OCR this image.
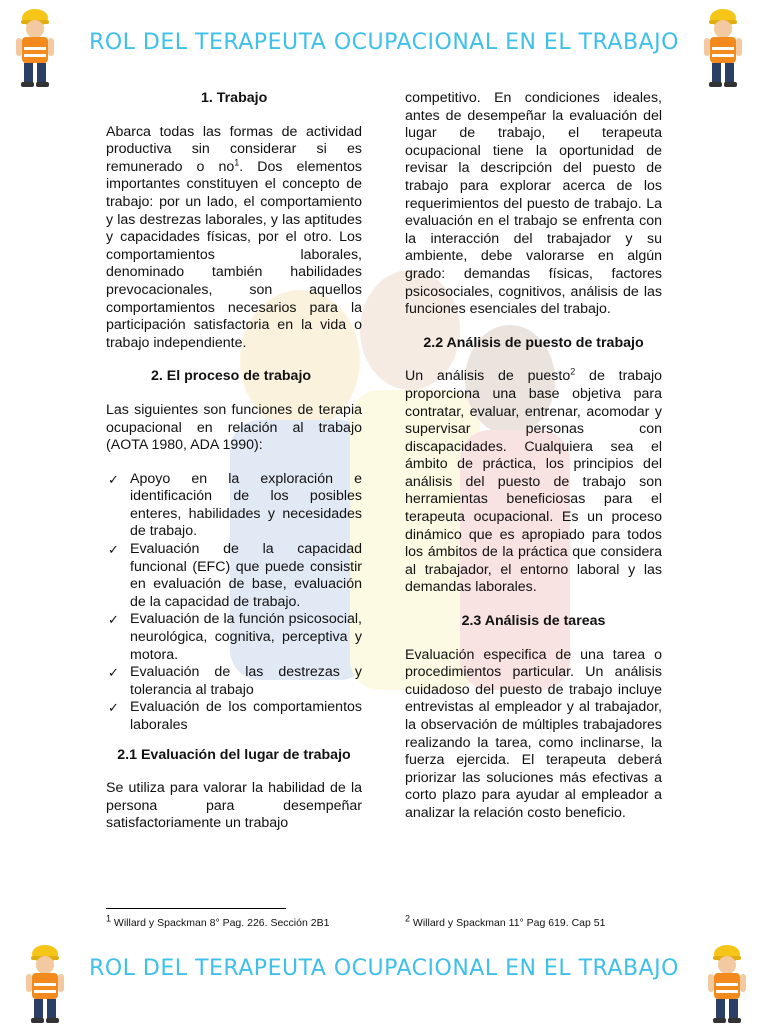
ROL DEL TERAPEUTA OCUPACIONAL EN EL TRABAJO
1. Trabajo

Abarca todas las formas de actividad productiva sin considerar si es remunerado o $no^1$. Dos elementos importantes constituyen el concepto de trabajo: por un lado, el comportamiento y las destrezas laborales, y las aptitudes y capacidades físicas, por el otro. Los comportamientos laborales, denominado también habilidades prevocacionales, son aquellos comportamientos necesarios para la participación satisfactoria en la vida o trabajo independiente.

2. El proceso de trabajo

Las siguientes son funciones de terapia ocupacional en relación al trabajo (AOTA 1980, ADA 1990):

✓ Apoyo en la exploración e identificación de los posibles enteres, habilidades y necesidades de trabajo.
✓ Evaluación de la capacidad funcional (EFC) que puede consistir en evaluación de base, evaluación de la capacidad de trabajo.
✓ Evaluación de la función psicosocial, neurológica, cognitiva, perceptiva y motora.
✓ Evaluación de las destrezas y tolerancia al trabajo
✓ Evaluación de los comportamientos laborales
2.1 Evaluación del lugar de trabajo

Se utiliza para valorar la habilidad de la persona para desempeñar satisfactoriamente un trabajo

competitivo. En condiciones ideales, antes de desempeñar la evaluación del lugar de trabajo, el terapeuta ocupacional tiene la oportunidad de revisar la descripción del puesto de trabajo para explorar acerca de los requerimientos del puesto de trabajo. La evaluación en el trabajo se enfrenta con la interacción del trabajador y su ambiente, debe valorarse en algún grado: demandas físicas, factores psicosociales, cognitivos, análisis de las funciones esenciales del trabajo.

2.2 Análisis de puesto de trabajo

Un análisis de puesto$^2$ de trabajo proporciona una base objetiva para contratar, evaluar, entrenar, acomodar y supervisar personas con discapacidades. Cualquiera sea el ámbito de práctica, los principios del análisis del puesto de trabajo son herramientas beneficiosas para el terapeuta ocupacional. Es un proceso dinámico que es apropiado para todos los ámbitos de la práctica que considera al trabajador, el entorno laboral y las demandas laborales.

2.3 Análisis de tareas

Evaluación especifica de una tarea o procedimientos particular. Un análisis cuidadoso del puesto de trabajo incluye entrevistas al empleador y al trabajador, la observación de múltiples trabajadores realizando la tarea, como inclinarse, la fuerza ejercida. El terapeuta deberá priorizar las soluciones más efectivas a corto plazo para ayudar al empleador a analizar la relación costo beneficio.

$^1$ Willard y Spackman 8° Pag. 226. Sección 2B1	$^2$ Willard y Spackman 11° Pag 619. Cap 51
ROL DEL TERAPEUTA OCUPACIONAL EN EL TRABAJO
